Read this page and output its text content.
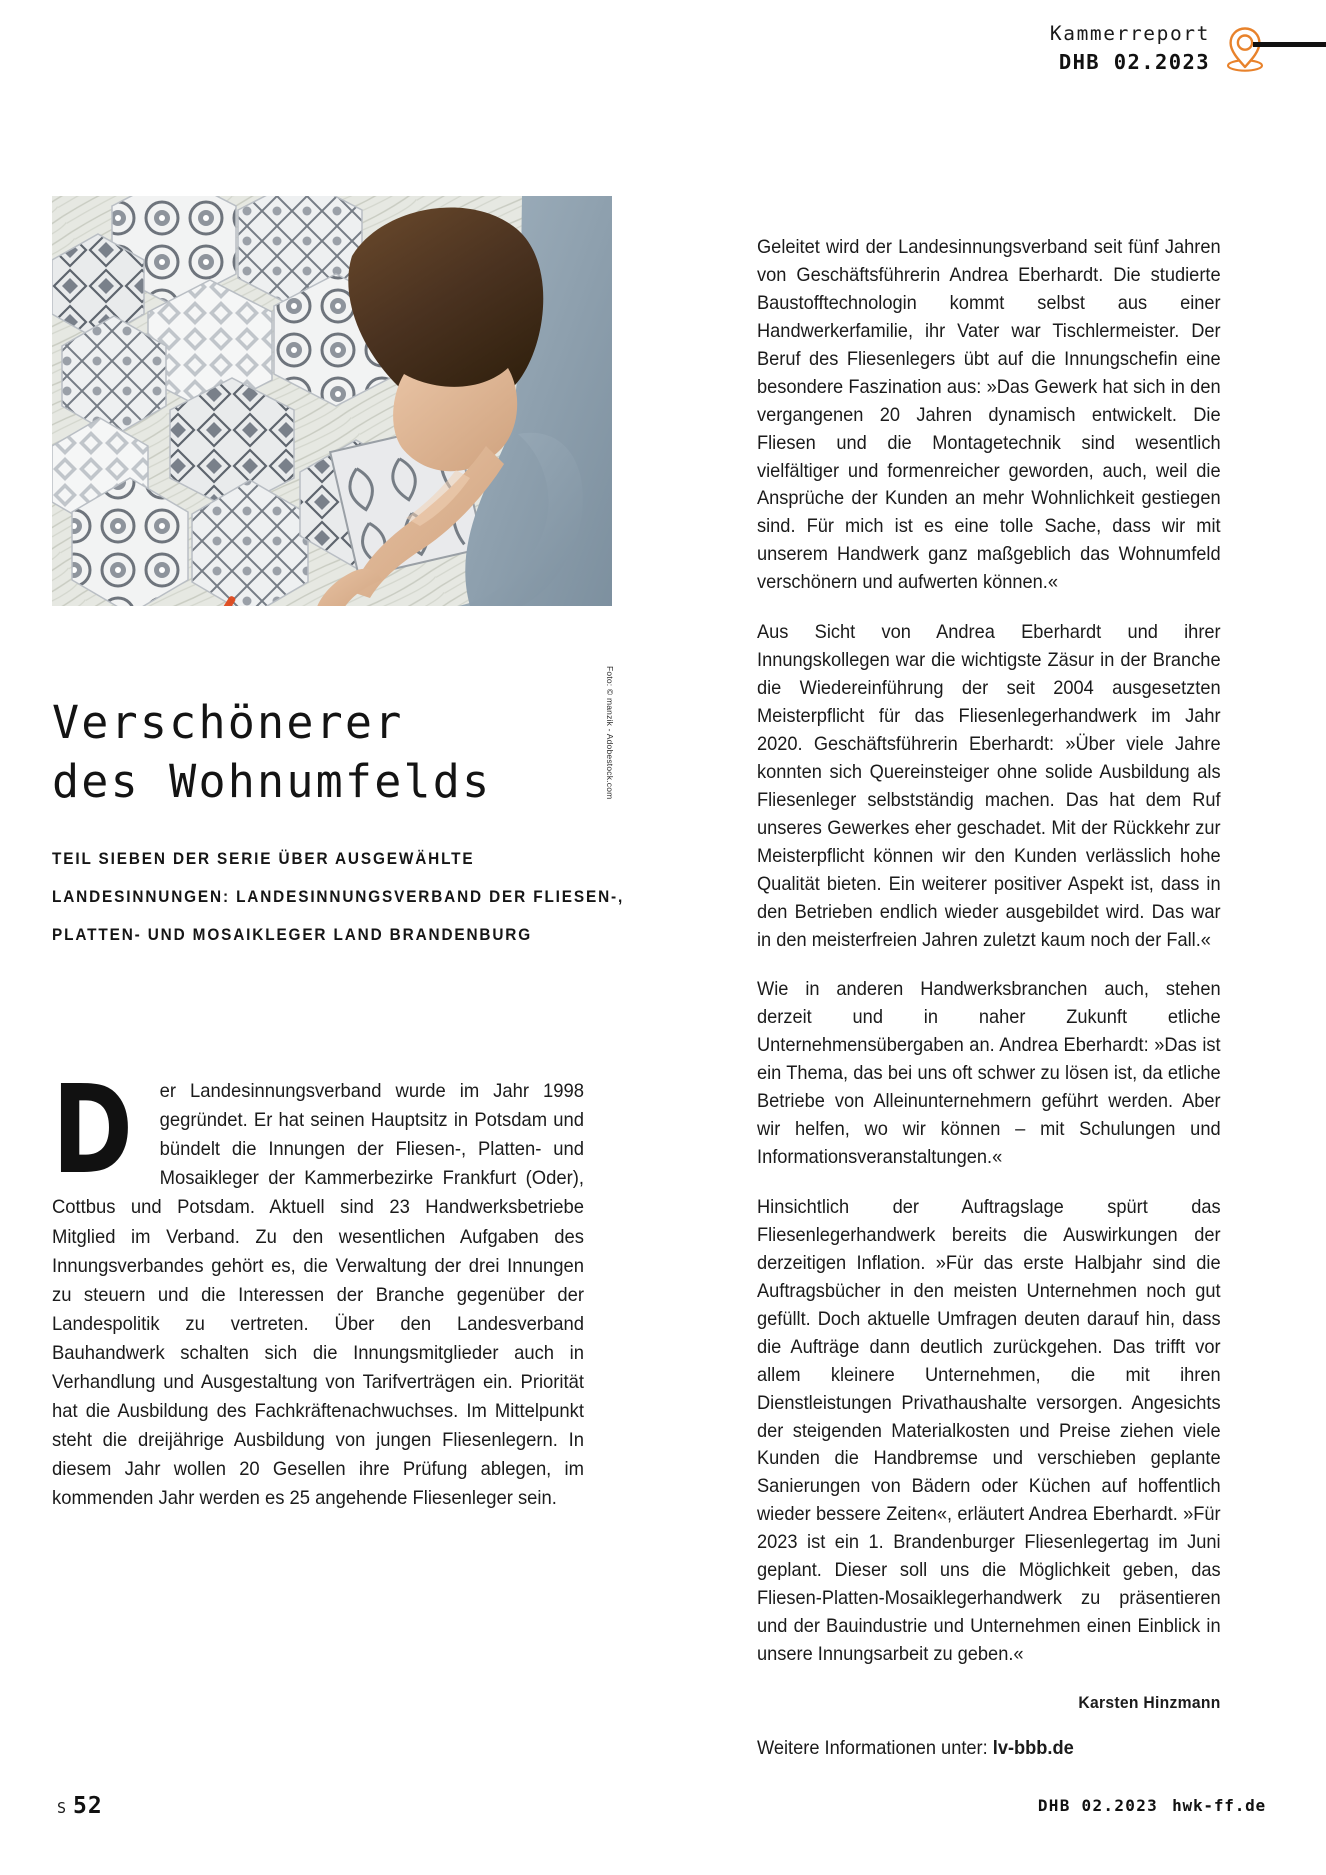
Kammerreport
DHB 02.2023
Foto: © manzik - Adobestock.com
Verschönerer
des Wohnumfelds
TEIL SIEBEN DER SERIE ÜBER AUSGEWÄHLTE
LANDESINNUNGEN: LANDESINNUNGSVERBAND DER FLIESEN-,
PLATTEN- UND MOSAIKLEGER LAND BRANDENBURG
D	er Landesinnungsverband wurde im Jahr 1998 gegründet. Er hat seinen Hauptsitz in Potsdam und bündelt die Innungen der Fliesen-, Platten- und Mosaikleger der Kammerbezirke Frankfurt (Oder), Cottbus und Potsdam. Aktuell sind 23 Handwerksbetriebe Mitglied im Verband. Zu den wesentlichen Aufgaben des Innungsverbandes gehört es, die Verwaltung der drei Innungen zu steuern und die Interessen der Branche gegenüber der Landespolitik zu vertreten. Über den Landesverband Bauhandwerk schalten sich die Innungsmitglieder auch in Verhandlung und Ausgestaltung von Tarifverträgen ein. Priorität hat die Ausbildung des Fachkräftenachwuchses. Im Mittelpunkt steht die dreijährige Ausbildung von jungen Fliesenlegern. In diesem Jahr wollen 20 Gesellen ihre Prüfung ablegen, im kommenden Jahr werden es 25 angehende Fliesenleger sein.

Geleitet wird der Landesinnungsverband seit fünf Jahren von Geschäftsführerin Andrea Eberhardt. Die studierte Baustofftechnologin kommt selbst aus einer Handwerkerfamilie, ihr Vater war Tischlermeister. Der Beruf des Fliesenlegers übt auf die Innungschefin eine besondere Faszination aus: »Das Gewerk hat sich in den vergangenen 20 Jahren dynamisch entwickelt. Die Fliesen und die Montagetechnik sind wesentlich vielfältiger und formenreicher geworden, auch, weil die Ansprüche der Kunden an mehr Wohnlichkeit gestiegen sind. Für mich ist es eine tolle Sache, dass wir mit unserem Handwerk ganz maßgeblich das Wohnumfeld verschönern und aufwerten können.«

Aus Sicht von Andrea Eberhardt und ihrer Innungskollegen war die wichtigste Zäsur in der Branche die Wiedereinführung der seit 2004 ausgesetzten Meisterpflicht für das Fliesenlegerhandwerk im Jahr 2020. Geschäftsführerin Eberhardt: »Über viele Jahre konnten sich Quereinsteiger ohne solide Ausbildung als Fliesenleger selbstständig machen. Das hat dem Ruf unseres Gewerkes eher geschadet. Mit der Rückkehr zur Meisterpflicht können wir den Kunden verlässlich hohe Qualität bieten. Ein weiterer positiver Aspekt ist, dass in den Betrieben endlich wieder ausgebildet wird. Das war in den meisterfreien Jahren zuletzt kaum noch der Fall.«

Wie in anderen Handwerksbranchen auch, stehen derzeit und in naher Zukunft etliche Unternehmensübergaben an. Andrea Eberhardt: »Das ist ein Thema, das bei uns oft schwer zu lösen ist, da etliche Betriebe von Alleinunternehmern geführt werden. Aber wir helfen, wo wir können – mit Schulungen und Informationsveranstaltungen.«

Hinsichtlich der Auftragslage spürt das Fliesenlegerhandwerk bereits die Auswirkungen der derzeitigen Inflation. »Für das erste Halbjahr sind die Auftragsbücher in den meisten Unternehmen noch gut gefüllt. Doch aktuelle Umfragen deuten darauf hin, dass die Aufträge dann deutlich zurückgehen. Das trifft vor allem kleinere Unternehmen, die mit ihren Dienstleistungen Privathaushalte versorgen. Angesichts der steigenden Materialkosten und Preise ziehen viele Kunden die Handbremse und verschieben geplante Sanierungen von Bädern oder Küchen auf hoffentlich wieder bessere Zeiten«, erläutert Andrea Eberhardt. »Für 2023 ist ein 1. Brandenburger Fliesenlegertag im Juni geplant. Dieser soll uns die Möglichkeit geben, das Fliesen-Platten-Mosaiklegerhandwerk zu präsentieren und der Bauindustrie und Unternehmen einen Einblick in unsere Innungsarbeit zu geben.«

Karsten Hinzmann

Weitere Informationen unter: lv-bbb.de

S 52	DHB 02.2023 hwk-ff.de
